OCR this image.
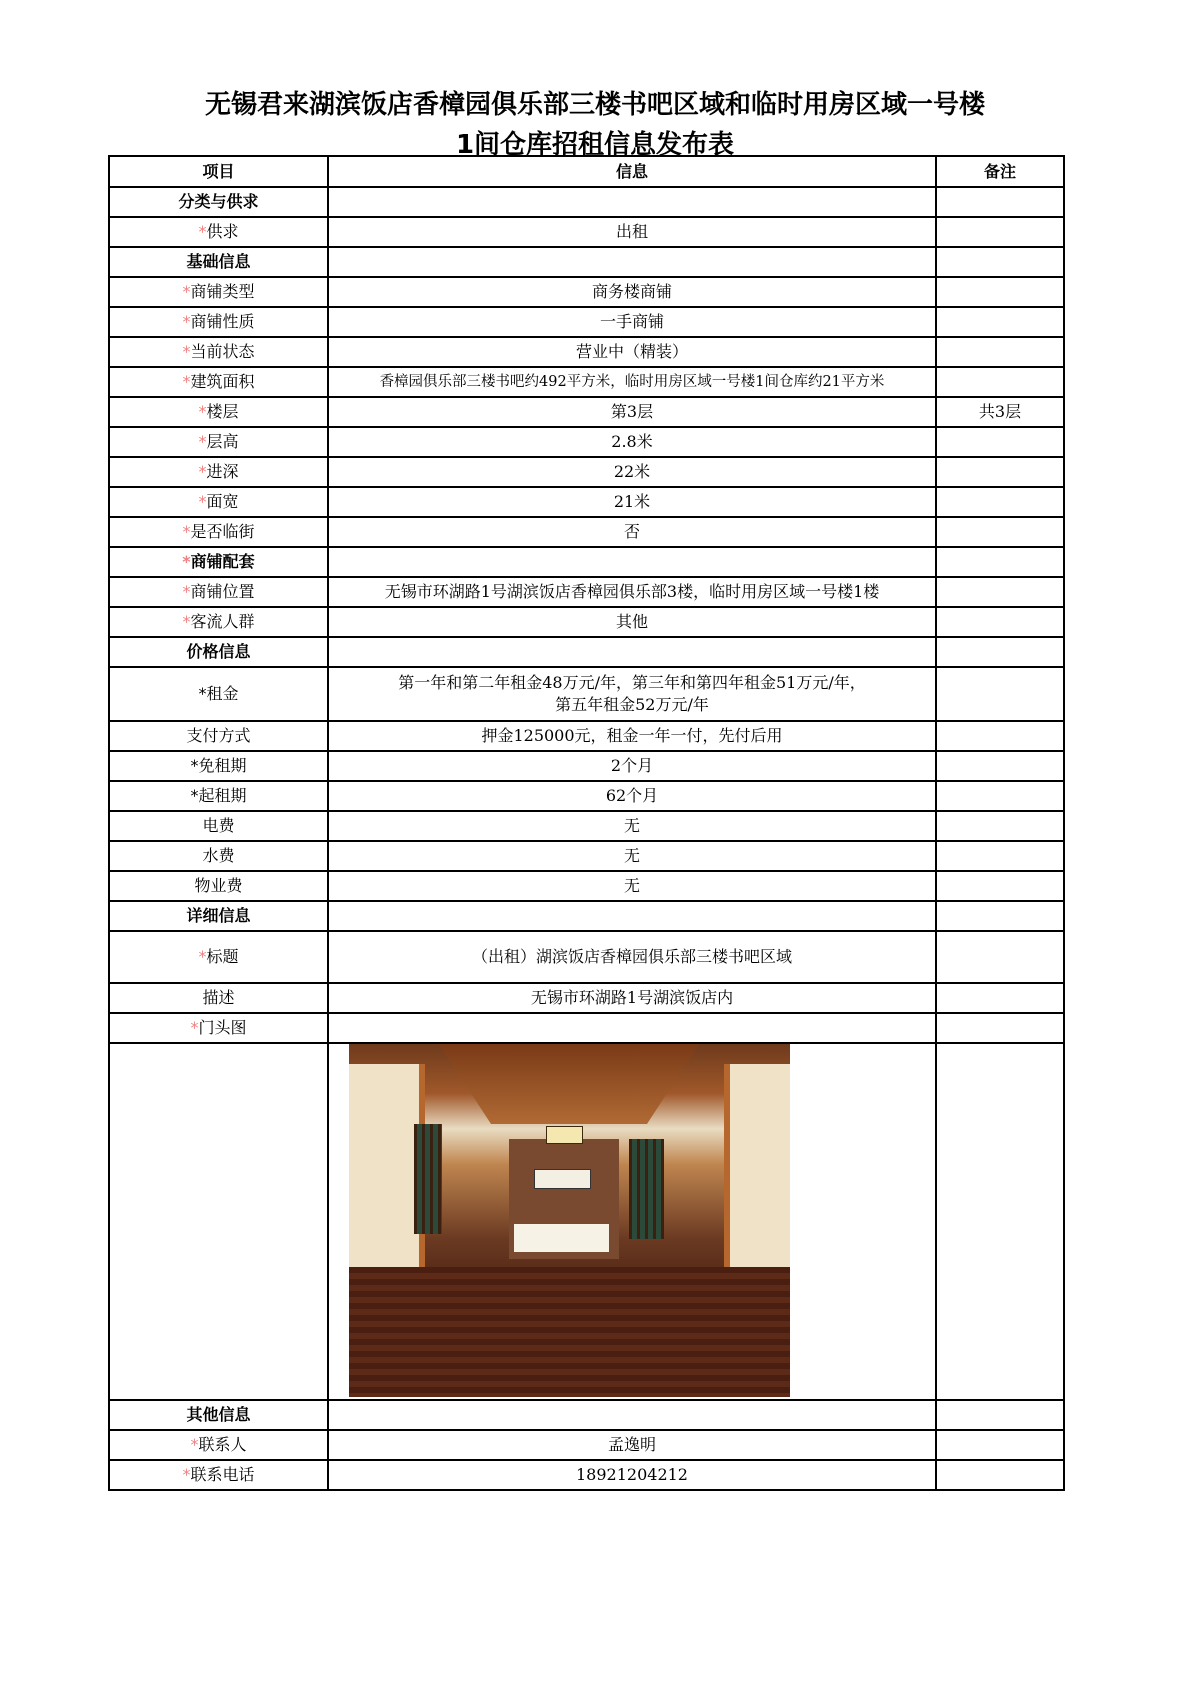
无锡君来湖滨饭店香樟园俱乐部三楼书吧区域和临时用房区域一号楼
1间仓库招租信息发布表
项目	信息	备注
分类与供求		
*供求	出租	
基础信息		
*商铺类型	商务楼商铺	
*商铺性质	一手商铺	
*当前状态	营业中（精装）	
*建筑面积	香樟园俱乐部三楼书吧约492平方米，临时用房区域一号楼1间仓库约21平方米	
*楼层	第3层	共3层
*层高	2.8米	
*进深	22米	
*面宽	21米	
*是否临街	否	
*商铺配套		
*商铺位置	无锡市环湖路1号湖滨饭店香樟园俱乐部3楼，临时用房区域一号楼1楼	
*客流人群	其他	
价格信息		
*租金	第一年和第二年租金48万元/年，第三年和第四年租金51万元/年，
第五年租金52万元/年	

支付方式	押金125000元，租金一年一付，先付后用	
*免租期	2个月	
*起租期	62个月	
电费	无	
水费	无	
物业费	无	
详细信息		
*标题	（出租）湖滨饭店香樟园俱乐部三楼书吧区域	
描述	无锡市环湖路1号湖滨饭店内	
*门头图		

其他信息		
*联系人	孟逸明	
*联系电话	18921204212	
